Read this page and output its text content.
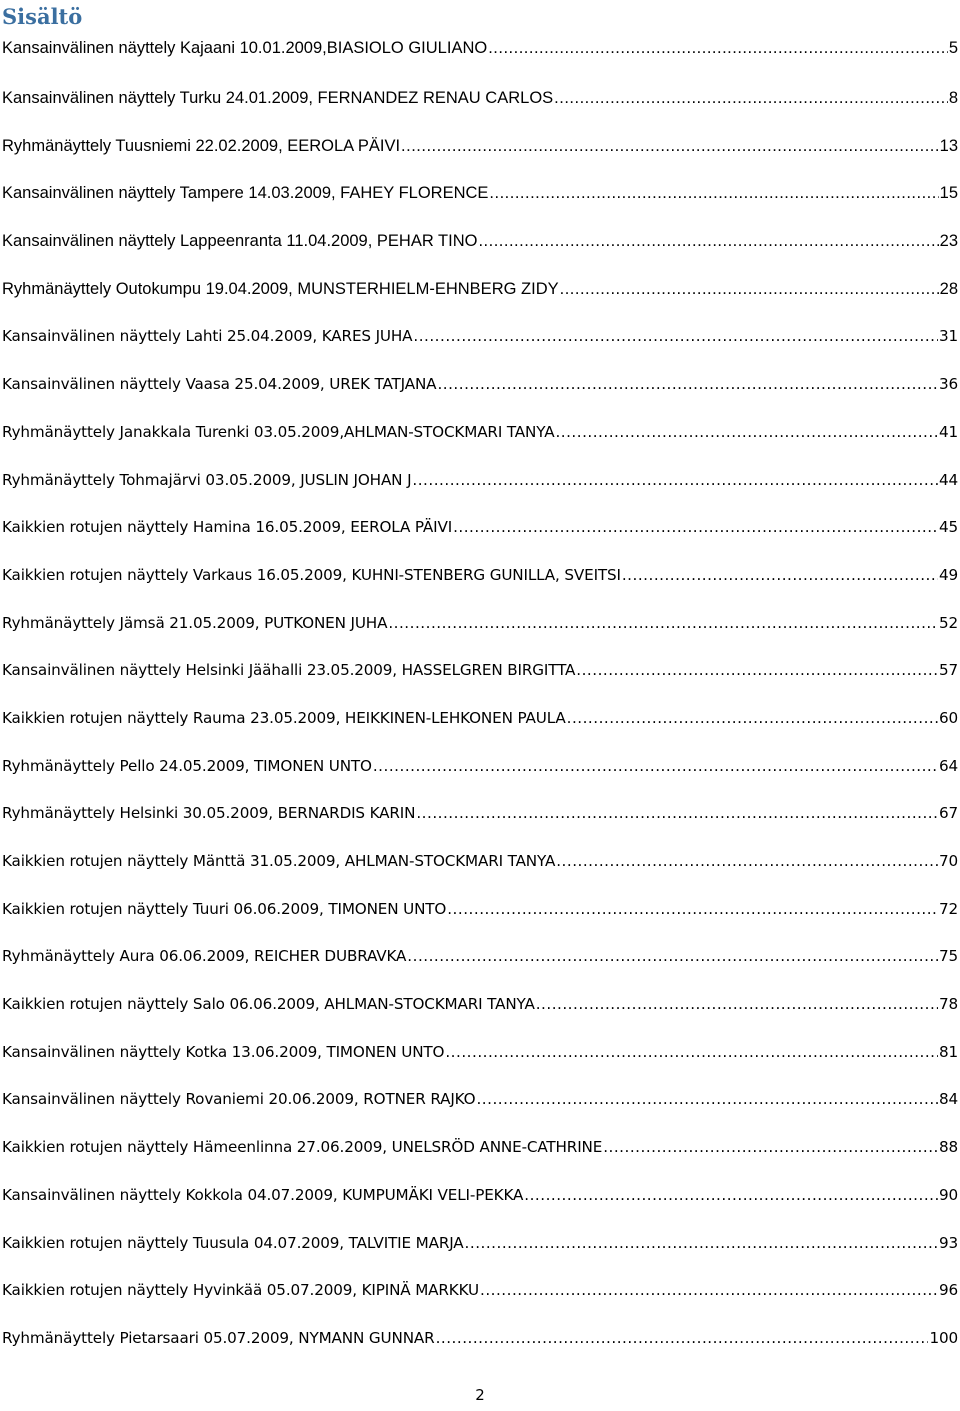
Sisältö
Kansainvälinen näyttely Kajaani 10.01.2009,BIASIOLO GIULIANO .....	5
Kansainvälinen näyttely Turku 24.01.2009, FERNANDEZ RENAU CARLOS .....	8
Ryhmänäyttely Tuusniemi 22.02.2009, EEROLA PÄIVI .....	13
Kansainvälinen näyttely Tampere 14.03.2009, FAHEY FLORENCE .....	15
Kansainvälinen näyttely Lappeenranta 11.04.2009, PEHAR TINO .....	23
Ryhmänäyttely Outokumpu 19.04.2009, MUNSTERHIELM-EHNBERG ZIDY .....	28
Kansainvälinen näyttely Lahti 25.04.2009, KARES JUHA .....	31
Kansainvälinen näyttely Vaasa 25.04.2009, UREK TATJANA .....	36
Ryhmänäyttely Janakkala Turenki 03.05.2009,AHLMAN-STOCKMARI TANYA .....	41
Ryhmänäyttely Tohmajärvi 03.05.2009, JUSLIN JOHAN J .....	44
Kaikkien rotujen näyttely Hamina 16.05.2009, EEROLA PÄIVI .....	45
Kaikkien rotujen näyttely Varkaus 16.05.2009, KUHNI-STENBERG GUNILLA, SVEITSI .....	49
Ryhmänäyttely Jämsä 21.05.2009, PUTKONEN JUHA .....	52
Kansainvälinen näyttely Helsinki Jäähalli 23.05.2009, HASSELGREN BIRGITTA .....	57
Kaikkien rotujen näyttely Rauma 23.05.2009, HEIKKINEN-LEHKONEN PAULA .....	60
Ryhmänäyttely Pello 24.05.2009, TIMONEN UNTO .....	64
Ryhmänäyttely Helsinki 30.05.2009, BERNARDIS KARIN .....	67
Kaikkien rotujen näyttely Mänttä 31.05.2009, AHLMAN-STOCKMARI TANYA .....	70
Kaikkien rotujen näyttely Tuuri 06.06.2009, TIMONEN UNTO .....	72
Ryhmänäyttely Aura 06.06.2009, REICHER DUBRAVKA .....	75
Kaikkien rotujen näyttely Salo 06.06.2009, AHLMAN-STOCKMARI TANYA .....	78
Kansainvälinen näyttely Kotka 13.06.2009, TIMONEN UNTO .....	81
Kansainvälinen näyttely Rovaniemi 20.06.2009, ROTNER RAJKO .....	84
Kaikkien rotujen näyttely Hämeenlinna 27.06.2009, UNELSRÖD ANNE-CATHRINE .....	88
Kansainvälinen näyttely Kokkola 04.07.2009, KUMPUMÄKI VELI-PEKKA .....	90
Kaikkien rotujen näyttely Tuusula 04.07.2009, TALVITIE MARJA .....	93
Kaikkien rotujen näyttely Hyvinkää 05.07.2009, KIPINÄ MARKKU .....	96
Ryhmänäyttely Pietarsaari 05.07.2009, NYMANN GUNNAR .....	100

2
